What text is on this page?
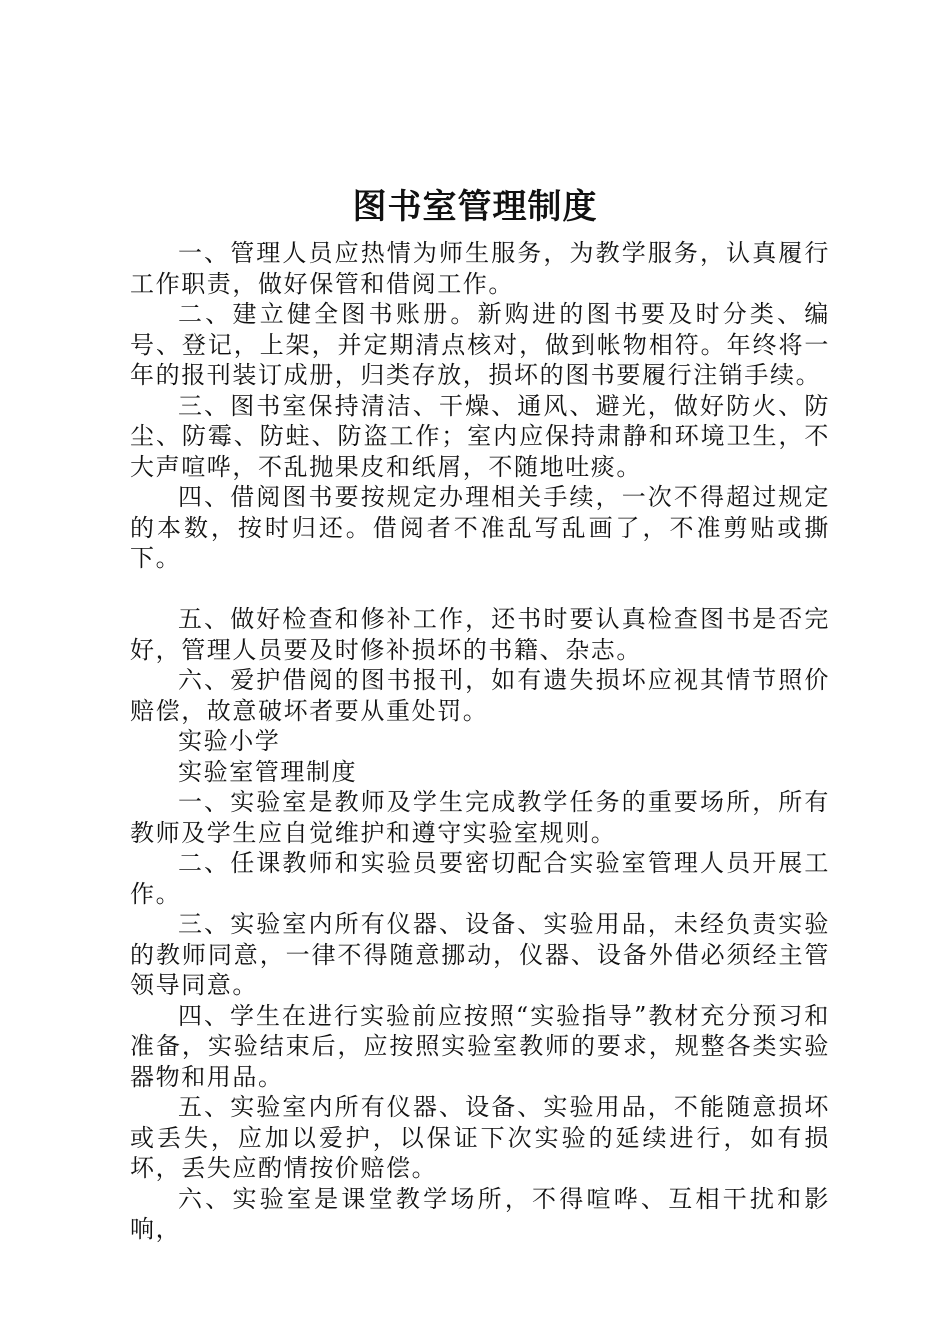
图书室管理制度

一、管理人员应热情为师生服务，为教学服务，认真履行工作职责，做好保管和借阅工作。

二、建立健全图书账册。新购进的图书要及时分类、编号、登记，上架，并定期清点核对，做到帐物相符。年终将一年的报刊装订成册，归类存放，损坏的图书要履行注销手续。

三、图书室保持清洁、干燥、通风、避光，做好防火、防尘、防霉、防蛀、防盗工作；室内应保持肃静和环境卫生，不大声喧哗，不乱抛果皮和纸屑，不随地吐痰。

四、借阅图书要按规定办理相关手续，一次不得超过规定的本数，按时归还。借阅者不准乱写乱画了，不准剪贴或撕下。

五、做好检查和修补工作，还书时要认真检查图书是否完好，管理人员要及时修补损坏的书籍、杂志。

六、爱护借阅的图书报刊，如有遗失损坏应视其情节照价赔偿，故意破坏者要从重处罚。

实验小学

实验室管理制度

一、实验室是教师及学生完成教学任务的重要场所，所有教师及学生应自觉维护和遵守实验室规则。

二、任课教师和实验员要密切配合实验室管理人员开展工作。

三、实验室内所有仪器、设备、实验用品，未经负责实验的教师同意，一律不得随意挪动，仪器、设备外借必须经主管领导同意。

四、学生在进行实验前应按照“实验指导”教材充分预习和准备，实验结束后，应按照实验室教师的要求，规整各类实验器物和用品。

五、实验室内所有仪器、设备、实验用品，不能随意损坏或丢失，应加以爱护，以保证下次实验的延续进行，如有损坏，丢失应酌情按价赔偿。

六、实验室是课堂教学场所，不得喧哗、互相干扰和影响，
